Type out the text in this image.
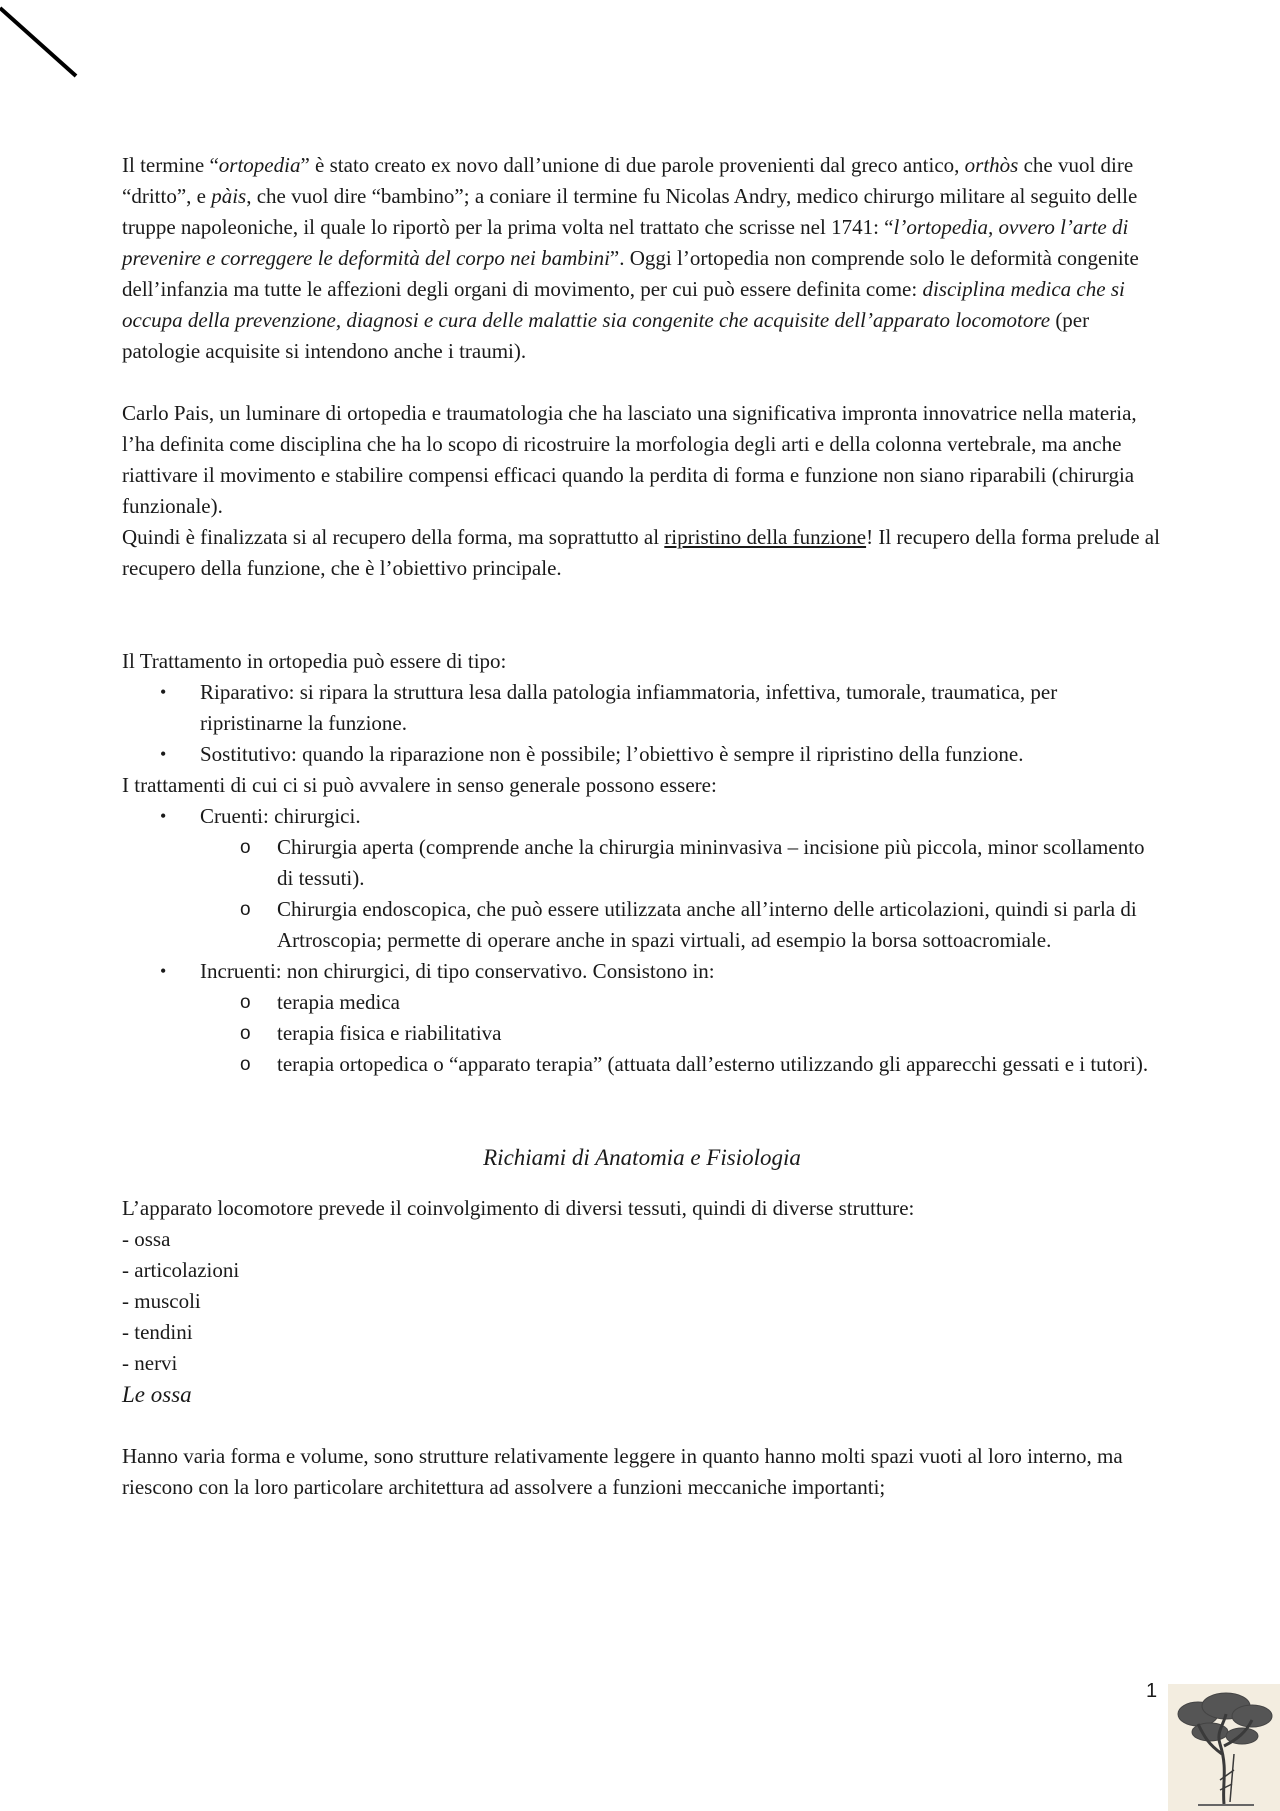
Il termine “ortopedia” è stato creato ex novo dall’unione di due parole provenienti dal greco antico, orthòs che vuol dire “dritto”, e pàis, che vuol dire “bambino”; a coniare il termine fu Nicolas Andry, medico chirurgo militare al seguito delle truppe napoleoniche, il quale lo riportò per la prima volta nel trattato che scrisse nel 1741: “l’ortopedia, ovvero l’arte di prevenire e correggere le deformità del corpo nei bambini”. Oggi l’ortopedia non comprende solo le deformità congenite dell’infanzia ma tutte le affezioni degli organi di movimento, per cui può essere definita come: disciplina medica che si occupa della prevenzione, diagnosi e cura delle malattie sia congenite che acquisite dell’apparato locomotore (per patologie acquisite si intendono anche i traumi).

Carlo Pais, un luminare di ortopedia e traumatologia che ha lasciato una significativa impronta innovatrice nella materia, l’ha definita come disciplina che ha lo scopo di ricostruire la morfologia degli arti e della colonna vertebrale, ma anche riattivare il movimento e stabilire compensi efficaci quando la perdita di forma e funzione non siano riparabili (chirurgia funzionale).

Quindi è finalizzata si al recupero della forma, ma soprattutto al ripristino della funzione! Il recupero della forma prelude al recupero della funzione, che è l’obiettivo principale.

Il Trattamento in ortopedia può essere di tipo:

• Riparativo: si ripara la struttura lesa dalla patologia infiammatoria, infettiva, tumorale, traumatica, per ripristinarne la funzione.
• Sostitutivo: quando la riparazione non è possibile; l’obiettivo è sempre il ripristino della funzione.

I trattamenti di cui ci si può avvalere in senso generale possono essere:

• Cruenti: chirurgici.
o Chirurgia aperta (comprende anche la chirurgia mininvasiva – incisione più piccola, minor scollamento di tessuti).
o Chirurgia endoscopica, che può essere utilizzata anche all’interno delle articolazioni, quindi si parla di Artroscopia; permette di operare anche in spazi virtuali, ad esempio la borsa sottoacromiale.
• Incruenti: non chirurgici, di tipo conservativo. Consistono in:
o terapia medica
o terapia fisica e riabilitativa
o terapia ortopedica o “apparato terapia” (attuata dall’esterno utilizzando gli apparecchi gessati e i tutori).

Richiami di Anatomia e Fisiologia

L’apparato locomotore prevede il coinvolgimento di diversi tessuti, quindi di diverse strutture:

- ossa

- articolazioni

- muscoli

- tendini

- nervi

Le ossa

Hanno varia forma e volume, sono strutture relativamente leggere in quanto hanno molti spazi vuoti al loro interno, ma riescono con la loro particolare architettura ad assolvere a funzioni meccaniche importanti;

1
